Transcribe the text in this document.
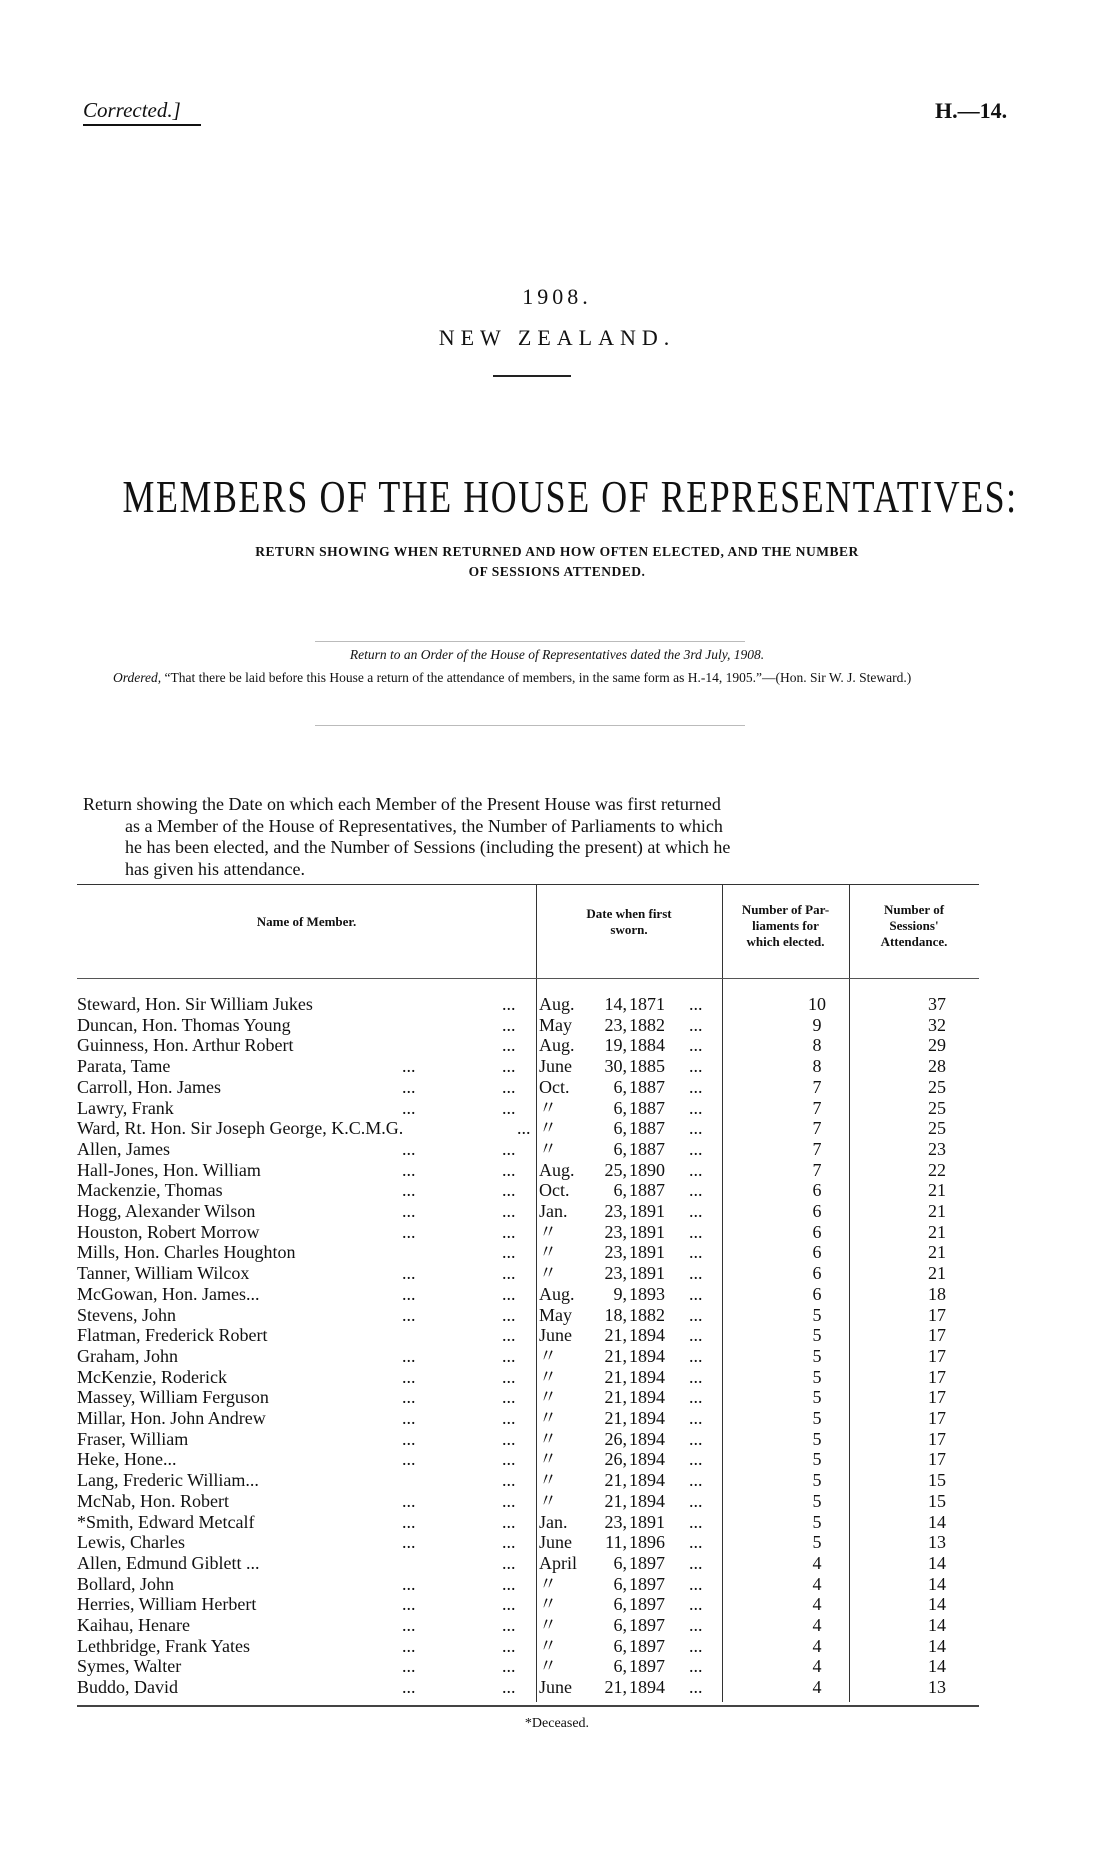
Corrected.]	H.—14.
1908.
NEW ZEALAND.
MEMBERS OF THE HOUSE OF REPRESENTATIVES:
RETURN SHOWING WHEN RETURNED AND HOW OFTEN ELECTED, AND THE NUMBER
OF SESSIONS ATTENDED.
Return to an Order of the House of Representatives dated the 3rd July, 1908.
Ordered, “That there be laid before this House a return of the attendance of members, in the same form as H.-14, 1905.”—(Hon. Sir W. J. Steward.)
Return showing the Date on which each Member of the Present House was first returned
as a Member of the House of Representatives, the Number of Parliaments to which
he has been elected, and the Number of Sessions (including the present) at which he
has given his attendance.
Name of Member.
Date when first
sworn.
Number of Par-
liaments for
which elected.
Number of
Sessions'
Attendance.
Steward, Hon. Sir William Jukes	... Aug.	14, 1871 ...	10	37
Duncan, Hon. Thomas Young	... May	23, 1882 ...	9	32
Guinness, Hon. Arthur Robert	... Aug.	19, 1884 ...	8	29
Parata, Tame	...	... June	30, 1885 ...	8	28
Carroll, Hon. James	...	... Oct.	6, 1887 ...	7	25
Lawry, Frank	...	... 〃	6, 1887 ...	7	25
Ward, Rt. Hon. Sir Joseph George, K.C.M.G.	... 〃	6, 1887 ...	7	25
Allen, James	...	... 〃	6, 1887 ...	7	23
Hall-Jones, Hon. William	...	... Aug.	25, 1890 ...	7	22
Mackenzie, Thomas	...	... Oct.	6, 1887 ...	6	21
Hogg, Alexander Wilson	...	... Jan.	23, 1891 ...	6	21
Houston, Robert Morrow	...	... 〃	23, 1891 ...	6	21
Mills, Hon. Charles Houghton	... 〃	23, 1891 ...	6	21
Tanner, William Wilcox	...	... 〃	23, 1891 ...	6	21
McGowan, Hon. James...	...	... Aug.	9, 1893 ...	6	18
Stevens, John	...	... May	18, 1882 ...	5	17
Flatman, Frederick Robert	... June	21, 1894 ...	5	17
Graham, John	...	... 〃	21, 1894 ...	5	17
McKenzie, Roderick	...	... 〃	21, 1894 ...	5	17
Massey, William Ferguson	...	... 〃	21, 1894 ...	5	17
Millar, Hon. John Andrew	...	... 〃	21, 1894 ...	5	17
Fraser, William	...	... 〃	26, 1894 ...	5	17
Heke, Hone...	...	... 〃	26, 1894 ...	5	17
Lang, Frederic William...	... 〃	21, 1894 ...	5	15
McNab, Hon. Robert	...	... 〃	21, 1894 ...	5	15
*Smith, Edward Metcalf	...	... Jan.	23, 1891 ...	5	14
Lewis, Charles	...	... June	11, 1896 ...	5	13
Allen, Edmund Giblett ...	... April	6, 1897 ...	4	14
Bollard, John	...	... 〃	6, 1897 ...	4	14
Herries, William Herbert	...	... 〃	6, 1897 ...	4	14
Kaihau, Henare	...	... 〃	6, 1897 ...	4	14
Lethbridge, Frank Yates	...	... 〃	6, 1897 ...	4	14
Symes, Walter	...	... 〃	6, 1897 ...	4	14
Buddo, David	...	... June	21, 1894 ...	4	13
*Deceased.
